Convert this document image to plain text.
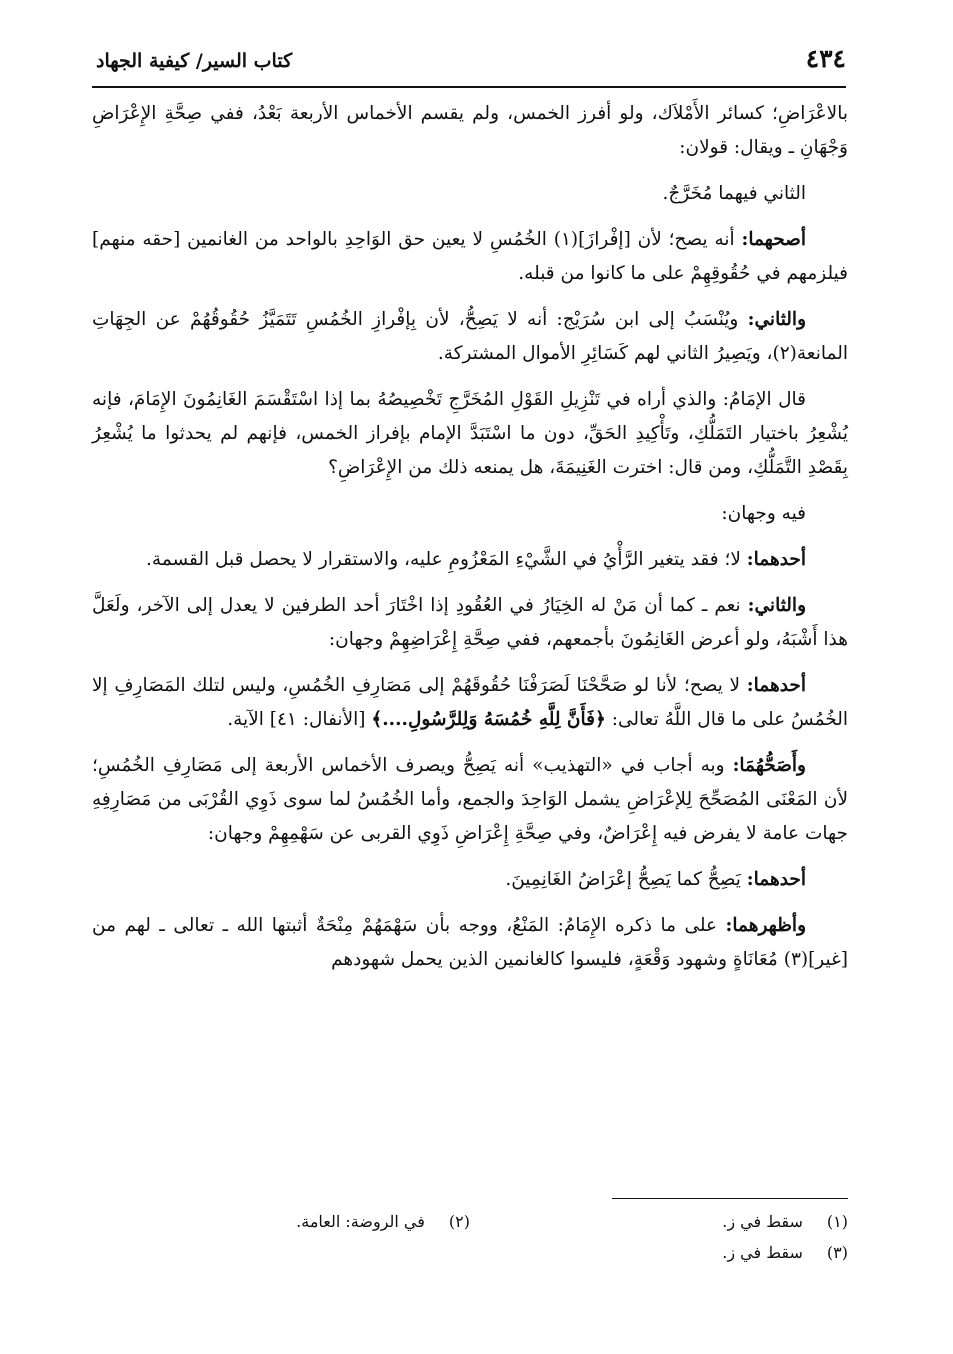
٤٣٤
كتاب السير/ كيفية الجهاد

بالاعْرَاضِ؛ كسائر الأَمْلاَك، ولو أفرز الخمس، ولم يقسم الأخماس الأربعة بَعْدُ، ففي صِحَّةِ الإِعْرَاضِ وَجْهَانِ ـ ويقال: قولان:

الثاني فيهما مُخَرَّجٌ.

أصحهما: أنه يصح؛ لأن [إفْرازَ](١) الخُمُسِ لا يعين حق الوَاحِدِ بالواحد من الغانمين [حقه منهم] فيلزمهم في حُقُوقِهِمْ على ما كانوا من قبله.

والثاني: ويُنْسَبُ إلى ابن سُرَيْج: أنه لا يَصِحُّ، لأن بِإفْرازِ الخُمُسِ تَتَمَيَّزُ حُقُوقُهُمْ عن الجِهَاتِ المانعة(٢)، ويَصِيرُ الثاني لهم كَسَائِرِ الأموال المشتركة.

قال الإمَامُ: والذي أراه في تَنْزِيلِ القَوْلِ المُخَرَّجِ تَخْصِيصُهُ بما إذا اسْتَقْسَمَ الغَانِمُونَ الإِمَامَ، فإنه يُشْعِرُ باختيار التَمَلُّكِ، وتَأْكِيدِ الحَقِّ، دون ما اسْتَبَدَّ الإمام بإفراز الخمس، فإنهم لم يحدثوا ما يُشْعِرُ بِقَصْدِ التَّمَلُّكِ، ومن قال: اخترت الغَنِيمَةَ، هل يمنعه ذلك من الإِعْرَاضِ؟

فيه وجهان:

أحدهما: لا؛ فقد يتغير الرَّأْيُ في الشَّيْءِ المَعْزُومِ عليه، والاستقرار لا يحصل قبل القسمة.

والثاني: نعم ـ كما أن مَنْ له الخِيَارُ في العُقُودِ إذا اخْتَارَ أحد الطرفين لا يعدل إلى الآخر، ولَعَلَّ هذا أَشْبَهُ، ولو أعرض الغَانِمُونَ بأجمعهم، ففي صِحَّةِ إِعْرَاضِهِمْ وجهان:

أحدهما: لا يصح؛ لأنا لو صَحَّحْنَا لَصَرَفْنَا حُقُوقَهُمْ إلى مَصَارِفِ الخُمُسِ، وليس لتلك المَصَارِفِ إلا الخُمُسُ على ما قال اللَّهُ تعالى: ﴿فَأَنَّ لِلَّهِ خُمُسَهُ وَلِلرَّسُولِ....﴾ [الأنفال: ٤١] الآية.

وأَصَحُّهُمَا: وبه أجاب في «التهذيب» أنه يَصِحُّ ويصرف الأخماس الأربعة إلى مَصَارِفِ الخُمُسِ؛ لأن المَعْنَى المُصَحِّحَ لِلإعْرَاضِ يشمل الوَاحِدَ والجمع، وأما الخُمُسُ لما سوى ذَوِي القُرْبَى من مَصَارِفِهِ جهات عامة لا يفرض فيه إِعْرَاضٌ، وفي صِحَّةِ إِعْرَاضِ ذَوِي القربى عن سَهْمِهِمْ وجهان:

أحدهما: يَصِحُّ كما يَصِحُّ إعْرَاضُ الغَانِمِينَ.

وأظهرهما: على ما ذكره الإِمَامُ: المَنْعُ، ووجه بأن سَهْمَهُمْ مِنْحَةٌ أثبتها الله ـ تعالى ـ لهم من [غير](٣) مُعَانَاةٍ وشهود وَقْعَةٍ، فليسوا كالغانمين الذين يحمل شهودهم

(١) سقط في ز.
(٢) في الروضة: العامة.
(٣) سقط في ز.
